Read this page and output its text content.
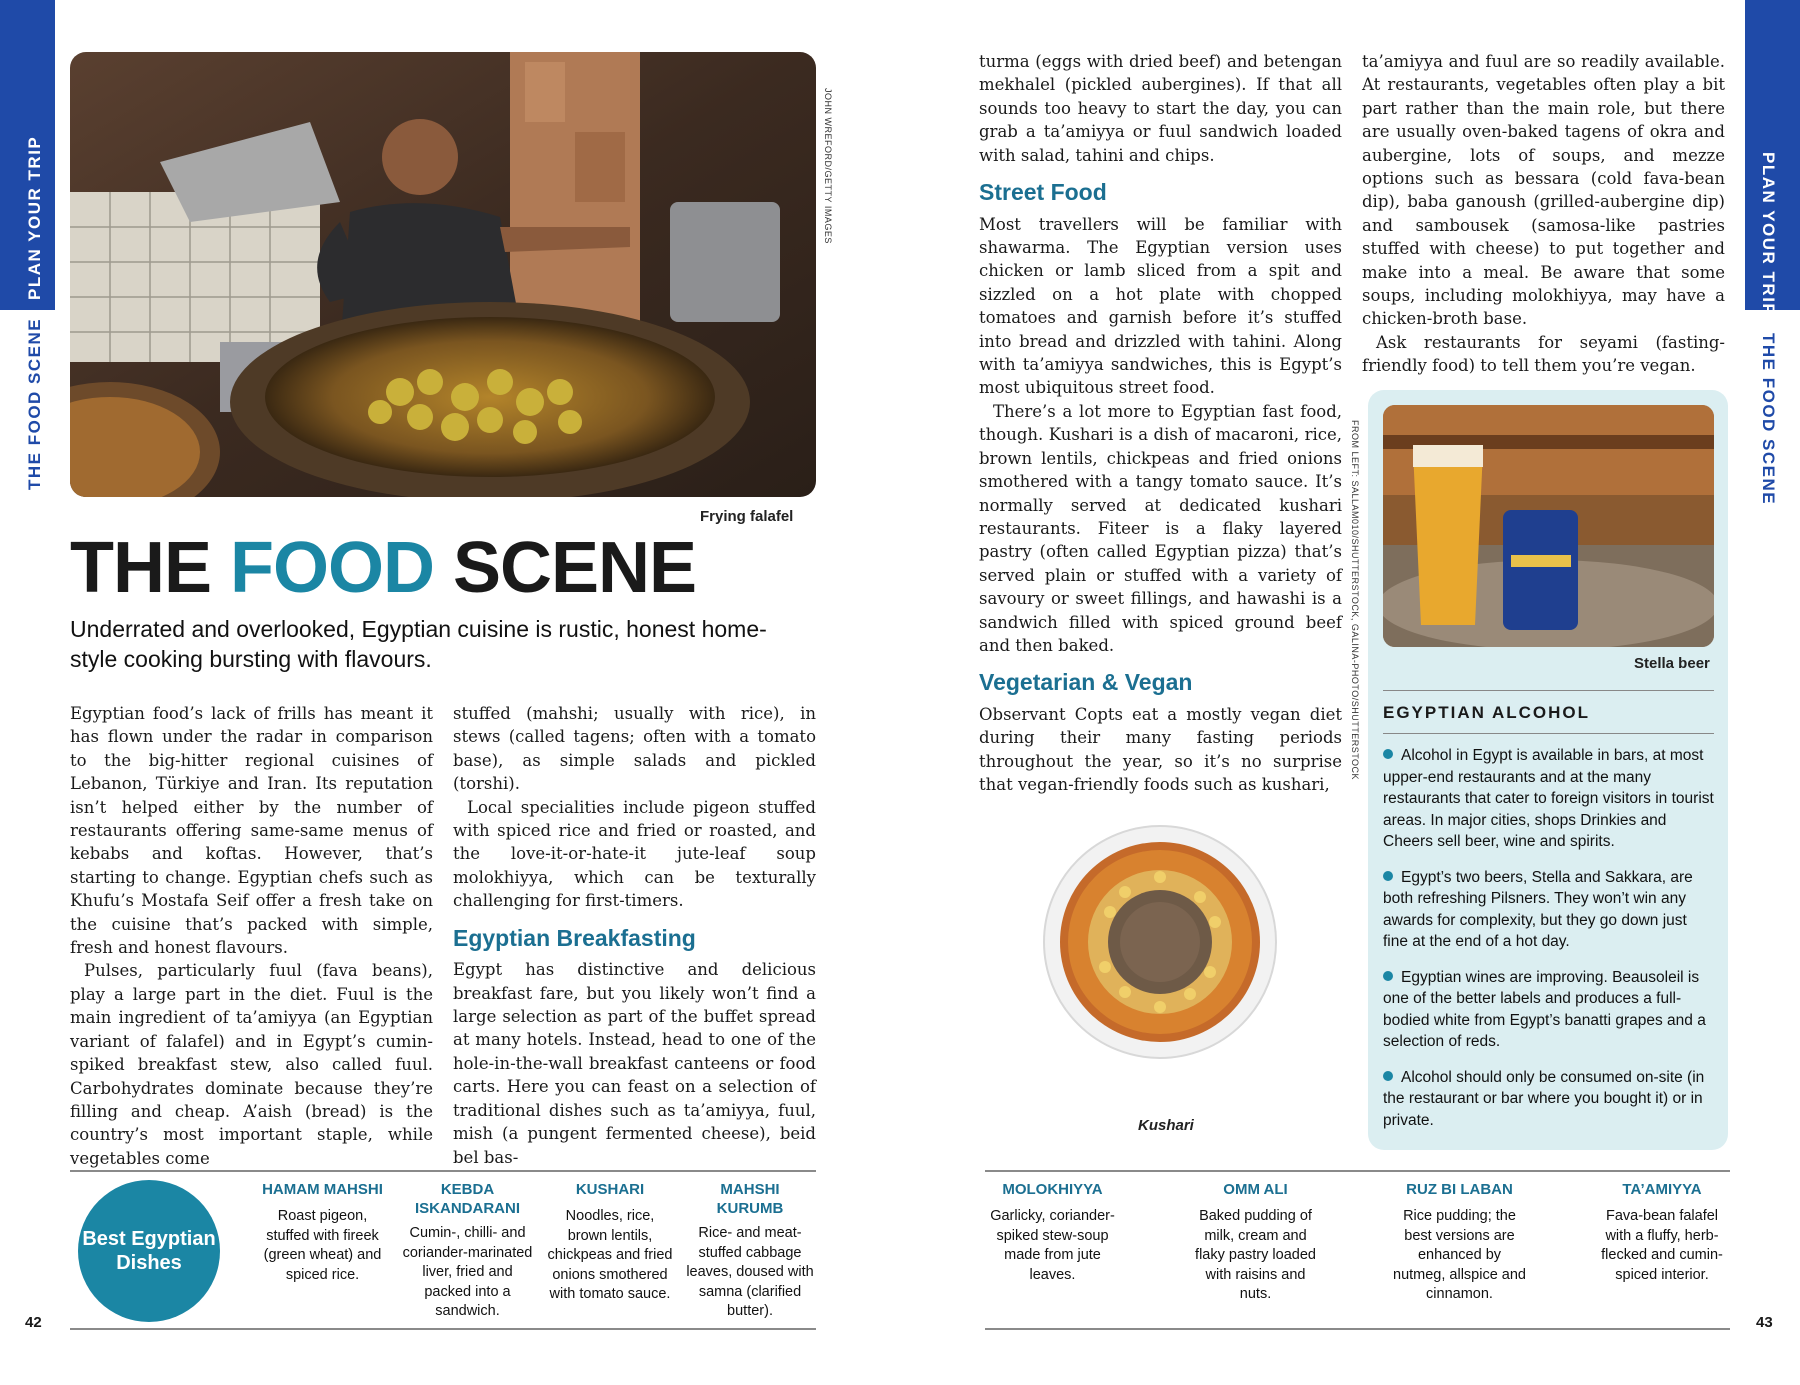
PLAN YOUR TRIP
THE FOOD SCENE
PLAN YOUR TRIP
THE FOOD SCENE
JOHN WREFORD/GETTY IMAGES
Frying falafel
THE FOOD SCENE
Underrated and overlooked, Egyptian cuisine is rustic, honest home-style cooking bursting with flavours.

Egyptian food’s lack of frills has meant it has flown under the radar in comparison to the big-hitter regional cuisines of Lebanon, Türkiye and Iran. Its reputation isn’t helped either by the number of restaurants offering same-same menus of kebabs and koftas. However, that’s starting to change. Egyptian chefs such as Khufu’s Mostafa Seif offer a fresh take on the cuisine that’s packed with simple, fresh and honest flavours.

Pulses, particularly fuul (fava beans), play a large part in the diet. Fuul is the main ingredient of ta’amiyya (an Egyptian variant of falafel) and in Egypt’s cumin-spiked breakfast stew, also called fuul. Carbohydrates dominate because they’re filling and cheap. A’aish (bread) is the country’s most important staple, while vegetables come

stuffed (mahshi; usually with rice), in stews (called tagens; often with a tomato base), as simple salads and pickled (torshi).

Local specialities include pigeon stuffed with spiced rice and fried or roasted, and the love-it-or-hate-it jute-leaf soup molokhiyya, which can be texturally challenging for first-timers.

Egyptian Breakfasting

Egypt has distinctive and delicious breakfast fare, but you likely won’t find a large selection as part of the buffet spread at many hotels. Instead, head to one of the hole-in-the-wall breakfast canteens or food carts. Here you can feast on a selection of traditional dishes such as ta’amiyya, fuul, mish (a pungent fermented cheese), beid bel bas-

turma (eggs with dried beef) and betengan mekhalel (pickled aubergines). If that all sounds too heavy to start the day, you can grab a ta’amiyya or fuul sandwich loaded with salad, tahini and chips.

Street Food

Most travellers will be familiar with shawarma. The Egyptian version uses chicken or lamb sliced from a spit and sizzled on a hot plate with chopped tomatoes and garnish before it’s stuffed into bread and drizzled with tahini. Along with ta’amiyya sandwiches, this is Egypt’s most ubiquitous street food.

There’s a lot more to Egyptian fast food, though. Kushari is a dish of macaroni, rice, brown lentils, chickpeas and fried onions smothered with a tangy tomato sauce. It’s normally served at dedicated kushari restaurants. Fiteer is a flaky layered pastry (often called Egyptian pizza) that’s served plain or stuffed with a variety of savoury or sweet fillings, and hawashi is a sandwich filled with spiced ground beef and then baked.

Vegetarian & Vegan

Observant Copts eat a mostly vegan diet during their many fasting periods throughout the year, so it’s no surprise that vegan-friendly foods such as kushari,

ta’amiyya and fuul are so readily available. At restaurants, vegetables often play a bit part rather than the main role, but there are usually oven-baked tagens of okra and aubergine, lots of soups, and mezze options such as bessara (cold fava-bean dip), baba ganoush (grilled-aubergine dip) and sambousek (samosa-like pastries stuffed with cheese) to put together and make into a meal. Be aware that some soups, including molokhiyya, may have a chicken-broth base.

Ask restaurants for seyami (fasting-friendly food) to tell them you’re vegan.

Kushari
FROM LEFT: SALLAM010/SHUTTERSTOCK, GALINA-PHOTO/SHUTTERSTOCK	Stella beer
EGYPTIAN ALCOHOL
Alcohol in Egypt is available in bars, at most upper-end restaurants and at the many restaurants that cater to foreign visitors in tourist areas. In major cities, shops Drinkies and Cheers sell beer, wine and spirits.
Egypt’s two beers, Stella and Sakkara, are both refreshing Pilsners. They won’t win any awards for complexity, but they go down just fine at the end of a hot day.
Egyptian wines are improving. Beausoleil is one of the better labels and produces a full-bodied white from Egypt’s banatti grapes and a selection of reds.
Alcohol should only be consumed on-site (in the restaurant or bar where you bought it) or in private.
Best Egyptian Dishes
HAMAM MAHSHI
Roast pigeon, stuffed with fireek (green wheat) and spiced rice.
KEBDA ISKANDARANI
Cumin-, chilli- and coriander-marinated liver, fried and packed into a sandwich.
KUSHARI
Noodles, rice, brown lentils, chickpeas and fried onions smothered with tomato sauce.
MAHSHI KURUMB
Rice- and meat-stuffed cabbage leaves, doused with samna (clarified butter).
MOLOKHIYYA
Garlicky, coriander-spiked stew-soup made from jute leaves.
OMM ALI
Baked pudding of milk, cream and flaky pastry loaded with raisins and nuts.
RUZ BI LABAN
Rice pudding; the best versions are enhanced by nutmeg, allspice and cinnamon.
TA’AMIYYA
Fava-bean falafel with a fluffy, herb-flecked and cumin-spiced interior.
42	43
